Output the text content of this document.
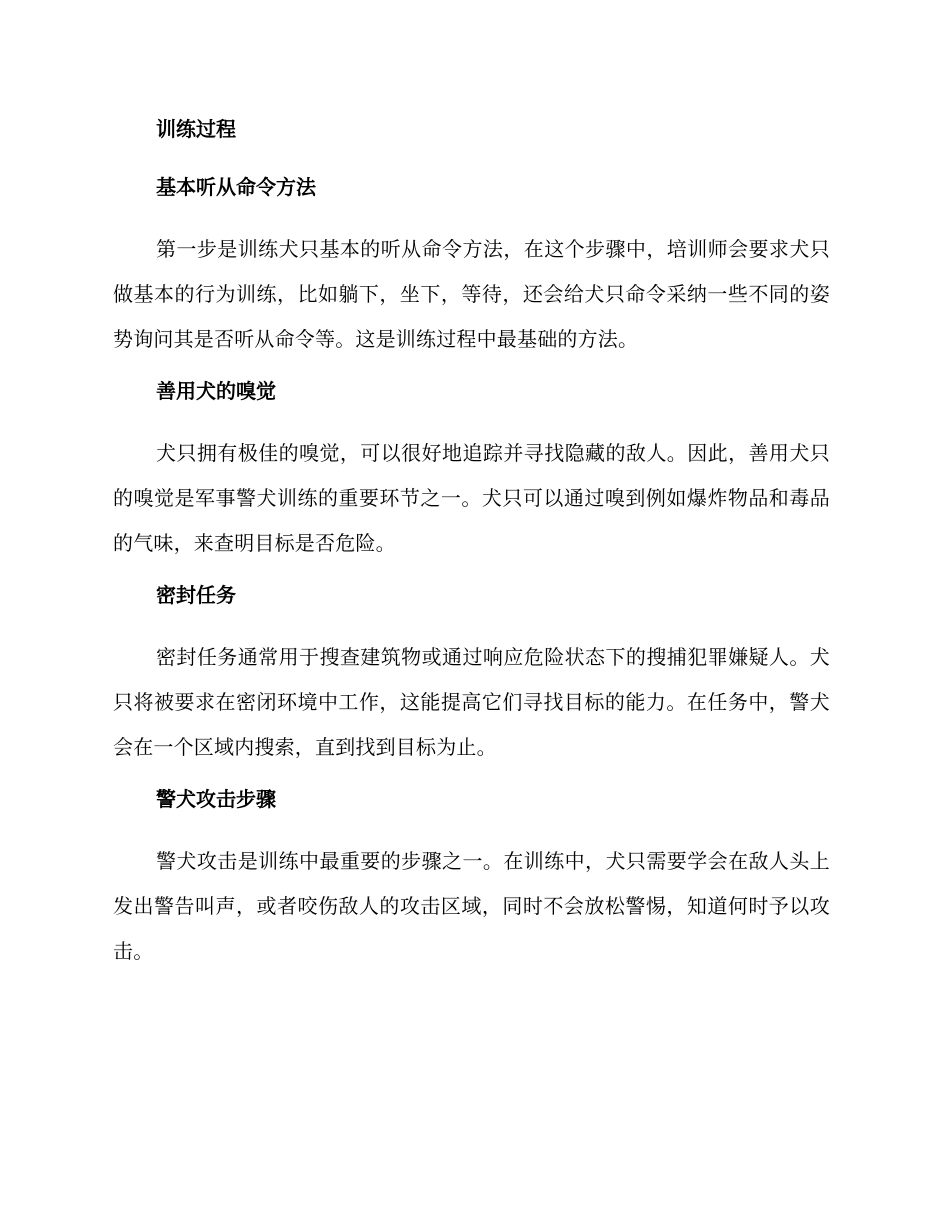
训练过程
基本听从命令方法

第一步是训练犬只基本的听从命令方法，在这个步骤中，培训师会要求犬只做基本的行为训练，比如躺下，坐下，等待，还会给犬只命令采纳一些不同的姿势询问其是否听从命令等。这是训练过程中最基础的方法。

善用犬的嗅觉

犬只拥有极佳的嗅觉，可以很好地追踪并寻找隐藏的敌人。因此，善用犬只的嗅觉是军事警犬训练的重要环节之一。犬只可以通过嗅到例如爆炸物品和毒品的气味，来查明目标是否危险。

密封任务

密封任务通常用于搜查建筑物或通过响应危险状态下的搜捕犯罪嫌疑人。犬只将被要求在密闭环境中工作，这能提高它们寻找目标的能力。在任务中，警犬会在一个区域内搜索，直到找到目标为止。

警犬攻击步骤

警犬攻击是训练中最重要的步骤之一。在训练中，犬只需要学会在敌人头上发出警告叫声，或者咬伤敌人的攻击区域，同时不会放松警惕，知道何时予以攻击。
